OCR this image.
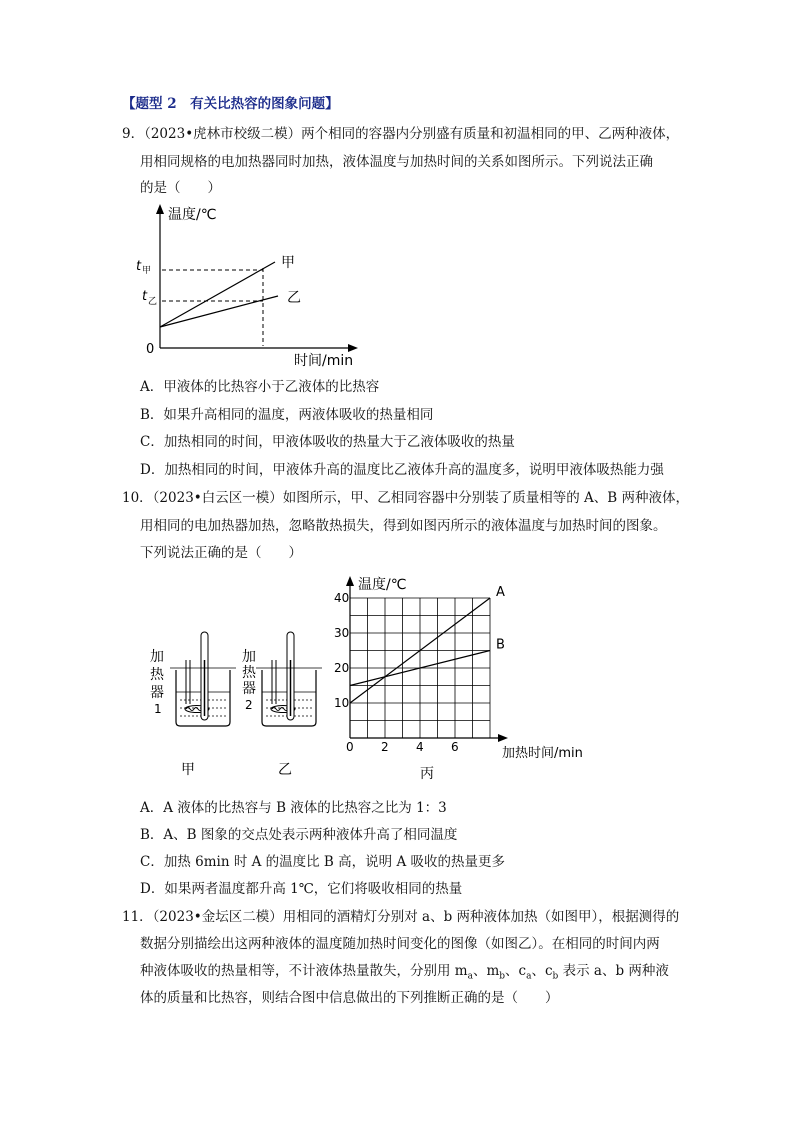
【题型 2　有关比热容的图象问题】
9．（2023•虎林市校级二模）两个相同的容器内分别盛有质量和初温相同的甲、乙两种液体，
用相同规格的电加热器同时加热，液体温度与加热时间的关系如图所示。下列说法正确
的是（　　）
温度/℃
时间/min
0
t 甲
t 乙
甲
乙
A．甲液体的比热容小于乙液体的比热容
B．如果升高相同的温度，两液体吸收的热量相同
C．加热相同的时间，甲液体吸收的热量大于乙液体吸收的热量
D．加热相同的时间，甲液体升高的温度比乙液体升高的温度多，说明甲液体吸热能力强
10．（2023•白云区一模）如图所示，甲、乙相同容器中分别装了质量相等的 A、B 两种液体，
用相同的电加热器加热，忽略散热损失，得到如图丙所示的液体温度与加热时间的图象。
下列说法正确的是（　　）
加
热
器
1
甲
加
热
器
2
乙
0 2 4 6
10
20
30
40	A
B
温度/℃
加热时间/min
丙
A．A 液体的比热容与 B 液体的比热容之比为 1：3
B．A、B 图象的交点处表示两种液体升高了相同温度
C．加热 6min 时 A 的温度比 B 高，说明 A 吸收的热量更多
D．如果两者温度都升高 1℃，它们将吸收相同的热量
11．（2023•金坛区二模）用相同的酒精灯分别对 a、b 两种液体加热（如图甲），根据测得的
数据分别描绘出这两种液体的温度随加热时间变化的图像（如图乙）。在相同的时间内两
种液体吸收的热量相等，不计液体热量散失，分别用 $m_a$、$m_b$、$c_a$、$c_b$ 表示 a、b 两种液
体的质量和比热容，则结合图中信息做出的下列推断正确的是（　　）
